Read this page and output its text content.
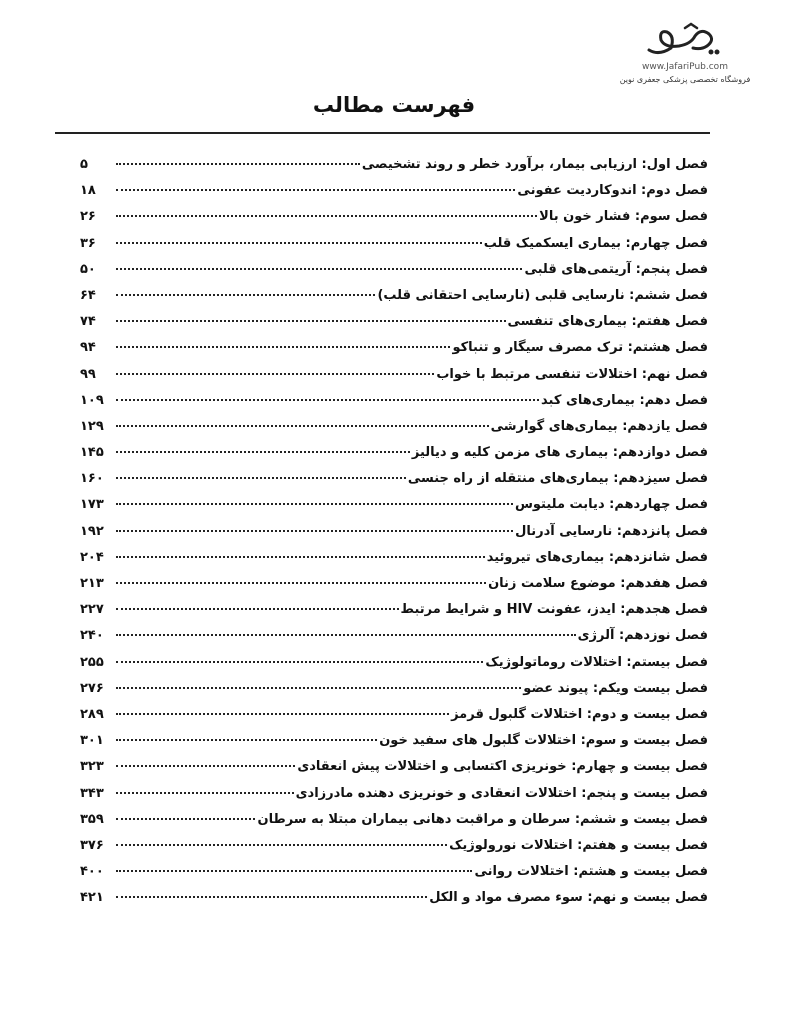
www.JafariPub.com
فروشگاه تخصصی پزشکی جعفری نوین
فهرست مطالب
فصل اول: ارزیابی بیمار، برآورد خطر و روند تشخیصی
۵
فصل دوم: اندوکاردیت عفونی
۱۸
فصل سوم: فشار خون بالا
۲۶
فصل چهارم: بیماری ایسکمیک قلب
۳۶
فصل پنجم: آریتمی‌های قلبی
۵۰
فصل ششم: نارسایی قلبی (نارسایی احتقانی قلب)
۶۴
فصل هفتم: بیماری‌های تنفسی
۷۴
فصل هشتم: ترک مصرف سیگار و تنباکو
۹۴
فصل نهم: اختلالات تنفسی مرتبط با خواب
۹۹
فصل دهم: بیماری‌های کبد
۱۰۹
فصل یازدهم: بیماری‌های گوارشی
۱۲۹
فصل دوازدهم: بیماری های مزمن کلیه و دیالیز
۱۴۵
فصل سیزدهم: بیماری‌های منتقله از راه جنسی
۱۶۰
فصل چهاردهم: دیابت ملیتوس
۱۷۳
فصل پانزدهم: نارسایی آدرنال
۱۹۲
فصل شانزدهم: بیماری‌های تیروئید
۲۰۴
فصل هفدهم: موضوع سلامت زنان
۲۱۳
فصل هجدهم: ایدز، عفونت HIV و شرایط مرتبط
۲۲۷
فصل نوزدهم: آلرژی
۲۴۰
فصل بیستم: اختلالات روماتولوژیک
۲۵۵
فصل بیست ویکم: پیوند عضو
۲۷۶
فصل بیست و دوم: اختلالات گلبول قرمز
۲۸۹
فصل بیست و سوم: اختلالات گلبول های سفید خون
۳۰۱
فصل بیست و چهارم: خونریزی اکتسابی و اختلالات پیش انعقادی
۳۲۳
فصل بیست و پنجم: اختلالات انعقادی و خونریزی دهنده مادرزادی
۳۴۳
فصل بیست و ششم: سرطان و مراقبت دهانی بیماران مبتلا به سرطان
۳۵۹
فصل بیست و هفتم: اختلالات نورولوژیک
۳۷۶
فصل بیست و هشتم: اختلالات روانی
۴۰۰
فصل بیست و نهم: سوء مصرف مواد و الکل
۴۲۱
